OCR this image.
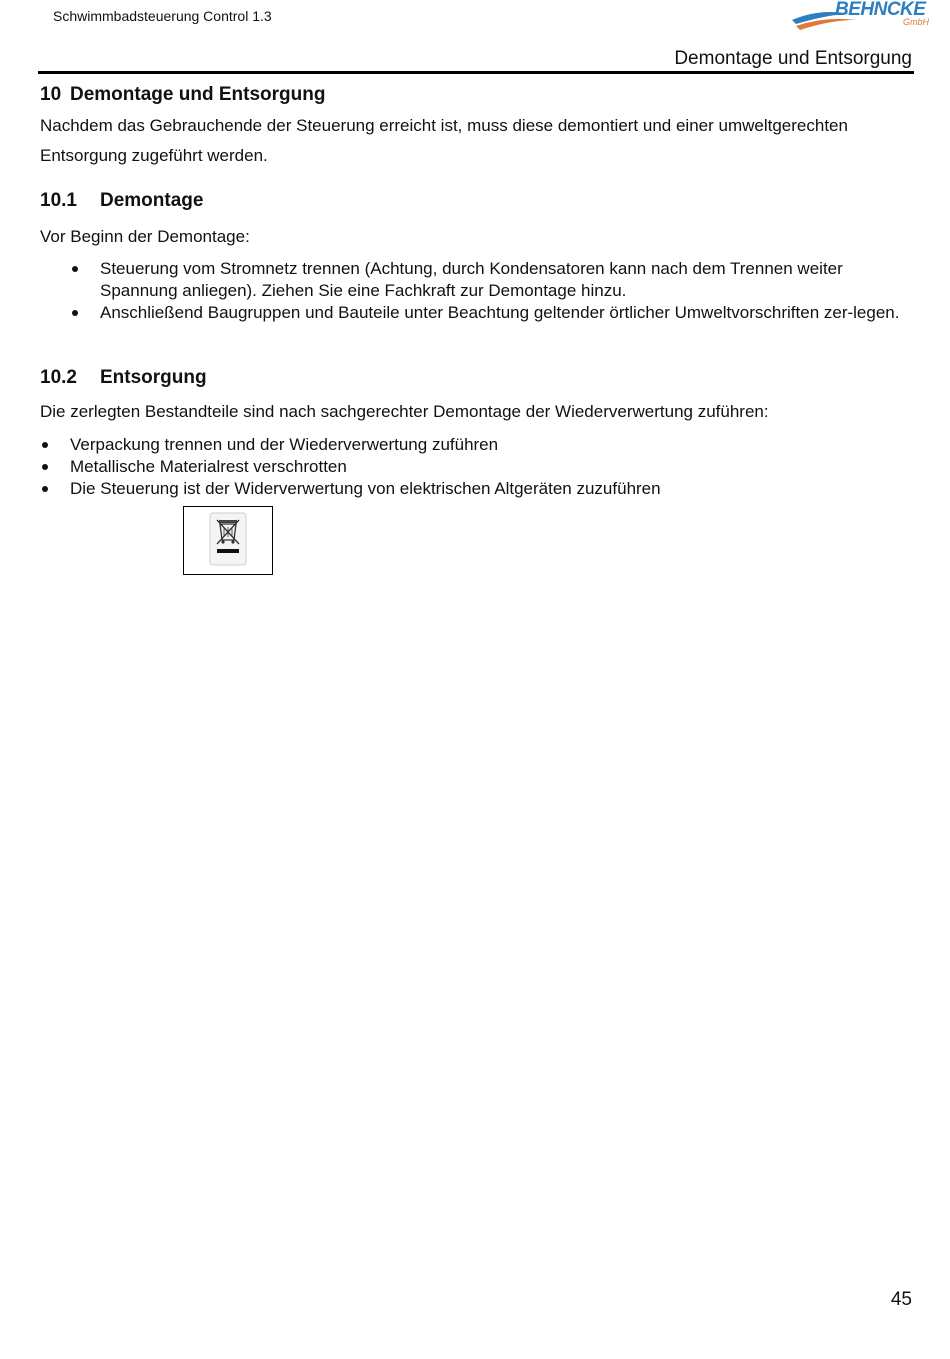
Schwimmbadsteuerung Control 1.3	BEHNCKE
GmbH
Demontage und Entsorgung
10 Demontage und Entsorgung
Nachdem das Gebrauchende der Steuerung erreicht ist, muss diese demontiert und einer umweltgerechten Entsorgung zugeführt werden.
10.1 Demontage
Vor Beginn der Demontage:
Steuerung vom Stromnetz trennen (Achtung, durch Kondensatoren kann nach dem Trennen weiter Spannung anliegen). Ziehen Sie eine Fachkraft zur Demontage hinzu.
Anschließend Baugruppen und Bauteile unter Beachtung geltender örtlicher Umweltvorschriften zer-legen.
10.2 Entsorgung
Die zerlegten Bestandteile sind nach sachgerechter Demontage der Wiederverwertung zuführen:
Verpackung trennen und der Wiederverwertung zuführen
Metallische Materialrest verschrotten
Die Steuerung ist der Widerverwertung von elektrischen Altgeräten zuzuführen
45
